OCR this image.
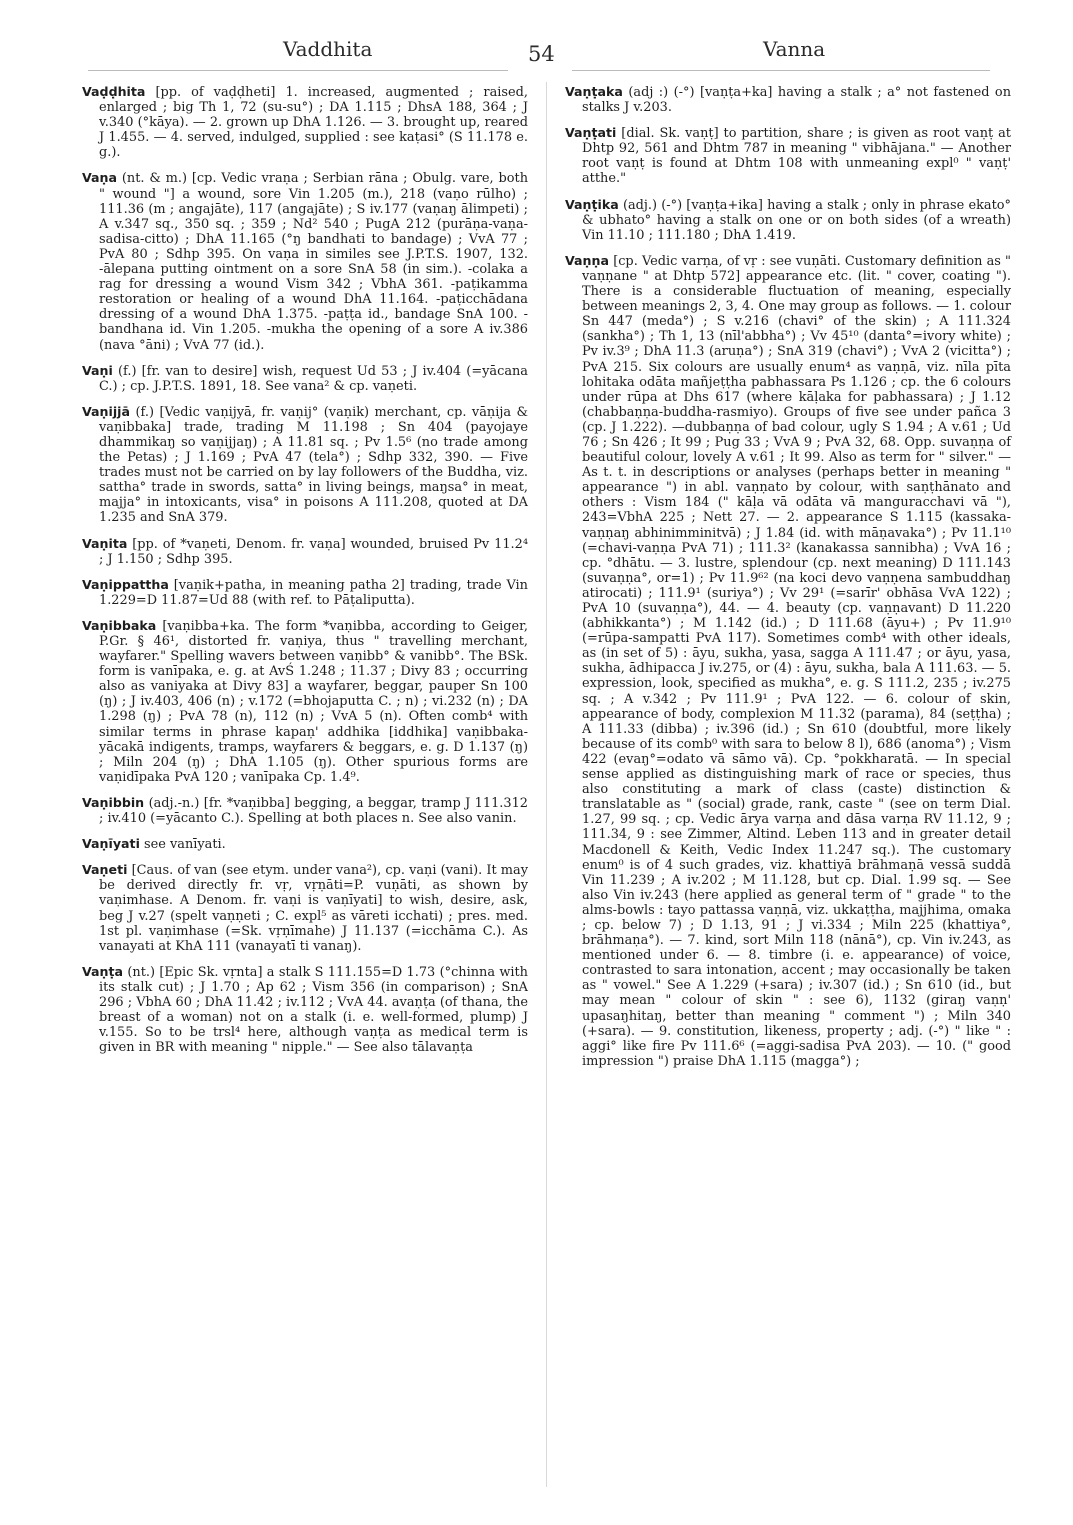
Vaddhita	54	Vanna

Vaḍḍhita [pp. of vaḍḍheti] 1. increased, augmented ; raised, enlarged ; big Th 1, 72 (su-su°) ; DA 1.115 ; DhsA 188, 364 ; J v.340 (°kāya). — 2. grown up DhA 1.126. — 3. brought up, reared J 1.455. — 4. served, indulged, supplied : see kaṭasi° (S 11.178 e. g.).

Vaṇa (nt. & m.) [cp. Vedic vraṇa ; Serbian rāna ; Obulg. vare, both " wound "] a wound, sore Vin 1.205 (m.), 218 (vaṇo rūlho) ; 111.36 (m ; angajāte), 117 (angajāte) ; S iv.177 (vaṇaŋ ālimpeti) ; A v.347 sq., 350 sq. ; 359 ; Nd² 540 ; PugA 212 (purāṇa-vaṇa-sadisa-citto) ; DhA 11.165 (°ŋ bandhati to bandage) ; VvA 77 ; PvA 80 ; Sdhp 395. On vaṇa in similes see J.P.T.S. 1907, 132. -ālepana putting ointment on a sore SnA 58 (in sim.). -colaka a rag for dressing a wound Vism 342 ; VbhA 361. -paṭikamma restoration or healing of a wound DhA 11.164. -paṭicchādana dressing of a wound DhA 1.375. -paṭṭa id., bandage SnA 100. -bandhana id. Vin 1.205. -mukha the opening of a sore A iv.386 (nava °āni) ; VvA 77 (id.).

Vaṇi (f.) [fr. van to desire] wish, request Ud 53 ; J iv.404 (=yācana C.) ; cp. J.P.T.S. 1891, 18. See vana² & cp. vaṇeti.

Vaṇijjā (f.) [Vedic vaṇijyā, fr. vaṇij° (vaṇik) merchant, cp. vāṇija & vaṇibbaka] trade, trading M 11.198 ; Sn 404 (payojaye dhammikaŋ so vaṇijjaŋ) ; A 11.81 sq. ; Pv 1.5⁶ (no trade among the Petas) ; J 1.169 ; PvA 47 (tela°) ; Sdhp 332, 390. — Five trades must not be carried on by lay followers of the Buddha, viz. sattha° trade in swords, satta° in living beings, maŋsa° in meat, majja° in intoxicants, visa° in poisons A 111.208, quoted at DA 1.235 and SnA 379.

Vaṇita [pp. of *vaṇeti, Denom. fr. vaṇa] wounded, bruised Pv 11.2⁴ ; J 1.150 ; Sdhp 395.

Vaṇippattha [vaṇik+patha, in meaning patha 2] trading, trade Vin 1.229=D 11.87=Ud 88 (with ref. to Pāṭaliputta).

Vaṇibbaka [vaṇibba+ka. The form *vaṇibba, according to Geiger, P.Gr. § 46¹, distorted fr. vaṇiya, thus " travelling merchant, wayfarer." Spelling wavers between vaṇibb° & vanibb°. The BSk. form is vanīpaka, e. g. at AvŚ 1.248 ; 11.37 ; Divy 83 ; occurring also as vaniyaka at Divy 83] a wayfarer, beggar, pauper Sn 100 (ŋ) ; J iv.403, 406 (n) ; v.172 (=bhojaputta C. ; n) ; vi.232 (n) ; DA 1.298 (ŋ) ; PvA 78 (n), 112 (n) ; VvA 5 (n). Often comb⁴ with similar terms in phrase kapaṇ' addhika [iddhika] vaṇibbaka-yācakā indigents, tramps, wayfarers & beggars, e. g. D 1.137 (ŋ) ; Miln 204 (ŋ) ; DhA 1.105 (ŋ). Other spurious forms are vaṇidīpaka PvA 120 ; vanīpaka Cp. 1.4⁹.

Vaṇibbin (adj.-n.) [fr. *vaṇibba] begging, a beggar, tramp J 111.312 ; iv.410 (=yācanto C.). Spelling at both places n. See also vanin.

Vaṇīyati see vanīyati.

Vaṇeti [Caus. of van (see etym. under vana²), cp. vaṇi (vani). It may be derived directly fr. vṛ, vṛṇāti=P. vuṇāti, as shown by vaṇimhase. A Denom. fr. vaṇi is vaṇīyati] to wish, desire, ask, beg J v.27 (spelt vaṇṇeti ; C. expl⁵ as vāreti icchati) ; pres. med. 1st pl. vaṇimhase (=Sk. vṛṇīmahe) J 11.137 (=icchāma C.). As vanayati at KhA 111 (vanayatī ti vanaŋ).

Vaṇṭa (nt.) [Epic Sk. vṛnta] a stalk S 111.155=D 1.73 (°chinna with its stalk cut) ; J 1.70 ; Ap 62 ; Vism 356 (in comparison) ; SnA 296 ; VbhA 60 ; DhA 11.42 ; iv.112 ; VvA 44. avaṇṭa (of thana, the breast of a woman) not on a stalk (i. e. well-formed, plump) J v.155. So to be trsl⁴ here, although vaṇṭa as medical term is given in BR with meaning " nipple." — See also tālavaṇṭa

Vaṇṭaka (adj :) (-°) [vaṇṭa+ka] having a stalk ; a° not fastened on stalks J v.203.

Vaṇṭati [dial. Sk. vaṇṭ] to partition, share ; is given as root vaṇṭ at Dhtp 92, 561 and Dhtm 787 in meaning " vibhājana." — Another root vaṇṭ is found at Dhtm 108 with unmeaning expl⁰ " vaṇṭ' atthe."

Vaṇṭika (adj.) (-°) [vaṇṭa+ika] having a stalk ; only in phrase ekato° & ubhato° having a stalk on one or on both sides (of a wreath) Vin 11.10 ; 111.180 ; DhA 1.419.

Vaṇṇa [cp. Vedic varṇa, of vṛ : see vuṇāti. Customary definition as " vaṇṇane " at Dhtp 572] appearance etc. (lit. " cover, coating "). There is a considerable fluctuation of meaning, especially between meanings 2, 3, 4. One may group as follows. — 1. colour Sn 447 (meda°) ; S v.216 (chavi° of the skin) ; A 111.324 (sankha°) ; Th 1, 13 (nīl'abbha°) ; Vv 45¹⁰ (danta°=ivory white) ; Pv iv.3⁹ ; DhA 11.3 (aruṇa°) ; SnA 319 (chavi°) ; VvA 2 (vicitta°) ; PvA 215. Six colours are usually enum⁴ as vaṇṇā, viz. nīla pīta lohitaka odāta mañjeṭṭha pabhassara Ps 1.126 ; cp. the 6 colours under rūpa at Dhs 617 (where kāḷaka for pabhassara) ; J 1.12 (chabbaṇṇa-buddha-rasmiyo). Groups of five see under pañca 3 (cp. J 1.222). —dubbaṇṇa of bad colour, ugly S 1.94 ; A v.61 ; Ud 76 ; Sn 426 ; It 99 ; Pug 33 ; VvA 9 ; PvA 32, 68. Opp. suvaṇṇa of beautiful colour, lovely A v.61 ; It 99. Also as term for " silver." — As t. t. in descriptions or analyses (perhaps better in meaning " appearance ") in abl. vaṇṇato by colour, with saṇṭhānato and others : Vism 184 (" kāḷa vā odāta vā manguracchavi vā "), 243=VbhA 225 ; Nett 27. — 2. appearance S 1.115 (kassaka-vaṇṇaŋ abhinimminitvā) ; J 1.84 (id. with māṇavaka°) ; Pv 11.1¹⁰ (=chavi-vaṇṇa PvA 71) ; 111.3² (kanakassa sannibha) ; VvA 16 ; cp. °dhātu. — 3. lustre, splendour (cp. next meaning) D 111.143 (suvaṇṇa°, or=1) ; Pv 11.9⁶² (na koci devo vaṇṇena sambuddhaŋ atirocati) ; 111.9¹ (suriya°) ; Vv 29¹ (=sarīr' obhāsa VvA 122) ; PvA 10 (suvaṇṇa°), 44. — 4. beauty (cp. vaṇṇavant) D 11.220 (abhikkanta°) ; M 1.142 (id.) ; D 111.68 (āyu+) ; Pv 11.9¹⁰ (=rūpa-sampatti PvA 117). Sometimes comb⁴ with other ideals, as (in set of 5) : āyu, sukha, yasa, sagga A 111.47 ; or āyu, yasa, sukha, ādhipacca J iv.275, or (4) : āyu, sukha, bala A 111.63. — 5. expression, look, specified as mukha°, e. g. S 111.2, 235 ; iv.275 sq. ; A v.342 ; Pv 111.9¹ ; PvA 122. — 6. colour of skin, appearance of body, complexion M 11.32 (parama), 84 (seṭṭha) ; A 111.33 (dibba) ; iv.396 (id.) ; Sn 610 (doubtful, more likely because of its comb⁰ with sara to below 8 l), 686 (anoma°) ; Vism 422 (evaŋ°=odato vā sāmo vā). Cp. °pokkharatā. — In special sense applied as distinguishing mark of race or species, thus also constituting a mark of class (caste) distinction & translatable as " (social) grade, rank, caste " (see on term Dial. 1.27, 99 sq. ; cp. Vedic ārya varṇa and dāsa varṇa RV 11.12, 9 ; 111.34, 9 : see Zimmer, Altind. Leben 113 and in greater detail Macdonell & Keith, Vedic Index 11.247 sq.). The customary enum⁰ is of 4 such grades, viz. khattiyā brāhmaṇā vessā suddā Vin 11.239 ; A iv.202 ; M 11.128, but cp. Dial. 1.99 sq. — See also Vin iv.243 (here applied as general term of " grade " to the alms-bowls : tayo pattassa vaṇṇā, viz. ukkaṭṭha, majjhima, omaka ; cp. below 7) ; D 1.13, 91 ; J vi.334 ; Miln 225 (khattiya°, brāhmaṇa°). — 7. kind, sort Miln 118 (nānā°), cp. Vin iv.243, as mentioned under 6. — 8. timbre (i. e. appearance) of voice, contrasted to sara intonation, accent ; may occasionally be taken as " vowel." See A 1.229 (+sara) ; iv.307 (id.) ; Sn 610 (id., but may mean " colour of skin " : see 6), 1132 (giraŋ vaṇṇ' upasaŋhitaŋ, better than meaning " comment ") ; Miln 340 (+sara). — 9. constitution, likeness, property ; adj. (-°) " like " : aggi° like fire Pv 111.6⁶ (=aggi-sadisa PvA 203). — 10. (" good impression ") praise DhA 1.115 (magga°) ;
